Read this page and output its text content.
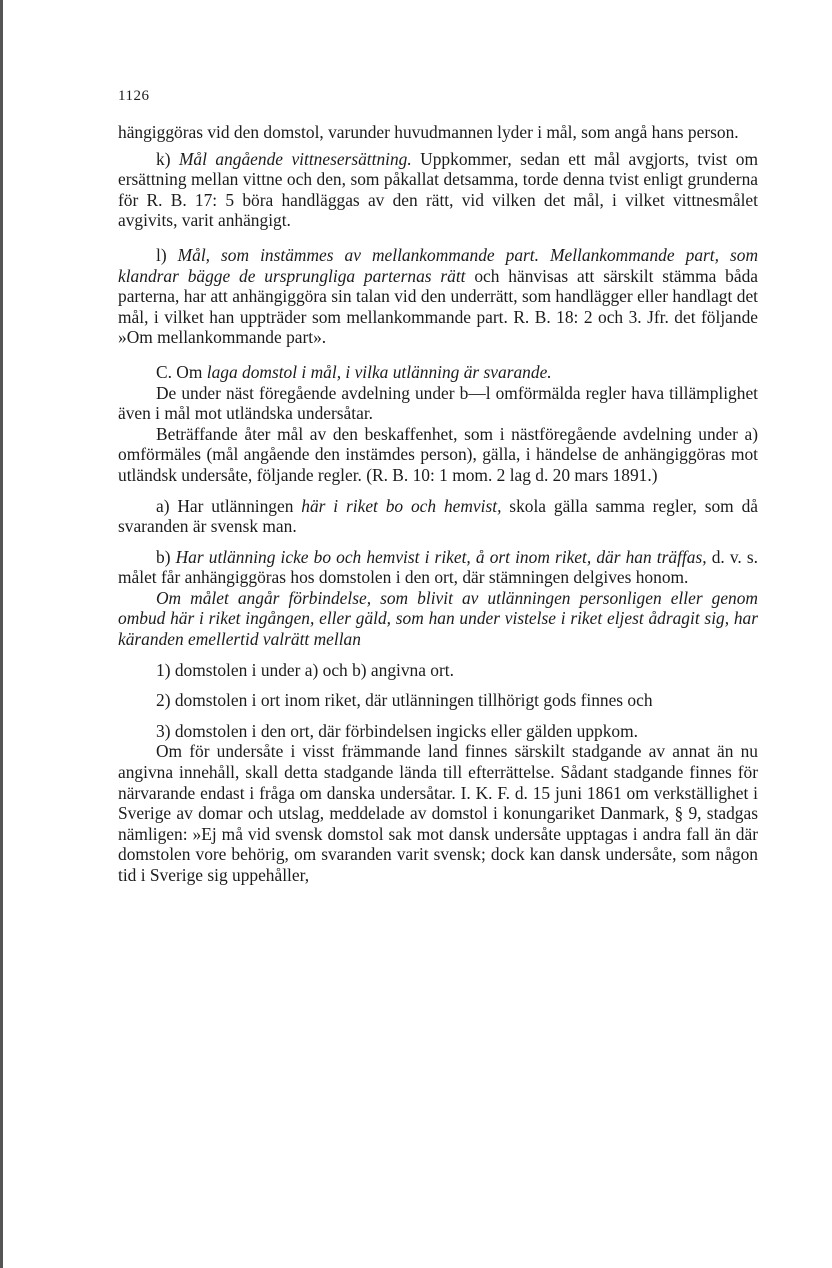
1126

hängiggöras vid den domstol, varunder huvudmannen lyder i mål, som angå hans person.

k) Mål angående vittnesersättning. Uppkommer, sedan ett mål avgjorts, tvist om ersättning mellan vittne och den, som påkallat detsamma, torde denna tvist enligt grunderna för R. B. 17: 5 böra handläggas av den rätt, vid vilken det mål, i vilket vittnesmålet avgivits, varit anhängigt.

l) Mål, som instämmes av mellankommande part. Mellankommande part, som klandrar bägge de ursprungliga parternas rätt och hänvisas att särskilt stämma båda parterna, har att anhängiggöra sin talan vid den underrätt, som handlägger eller handlagt det mål, i vilket han uppträder som mellankommande part. R. B. 18: 2 och 3. Jfr. det följande »Om mellankommande part».

C. Om laga domstol i mål, i vilka utlänning är svarande.

De under näst föregående avdelning under b—l omförmälda regler hava tillämplighet även i mål mot utländska undersåtar.

Beträffande åter mål av den beskaffenhet, som i nästföregående avdelning under a) omförmäles (mål angående den instämdes person), gälla, i händelse de anhängiggöras mot utländsk undersåte, följande regler. (R. B. 10: 1 mom. 2 lag d. 20 mars 1891.)

a) Har utlänningen här i riket bo och hemvist, skola gälla samma regler, som då svaranden är svensk man.

b) Har utlänning icke bo och hemvist i riket, å ort inom riket, där han träffas, d. v. s. målet får anhängiggöras hos domstolen i den ort, där stämningen delgives honom.

Om målet angår förbindelse, som blivit av utlänningen personligen eller genom ombud här i riket ingången, eller gäld, som han under vistelse i riket eljest ådragit sig, har käranden emellertid valrätt mellan

1) domstolen i under a) och b) angivna ort.

2) domstolen i ort inom riket, där utlänningen tillhörigt gods finnes och

3) domstolen i den ort, där förbindelsen ingicks eller gälden uppkom.

Om för undersåte i visst främmande land finnes särskilt stadgande av annat än nu angivna innehåll, skall detta stadgande lända till efterrättelse. Sådant stadgande finnes för närvarande endast i fråga om danska undersåtar. I. K. F. d. 15 juni 1861 om verkställighet i Sverige av domar och utslag, meddelade av domstol i konungariket Danmark, § 9, stadgas nämligen: »Ej må vid svensk domstol sak mot dansk undersåte upptagas i andra fall än där domstolen vore behörig, om svaranden varit svensk; dock kan dansk undersåte, som någon tid i Sverige sig uppehåller,
